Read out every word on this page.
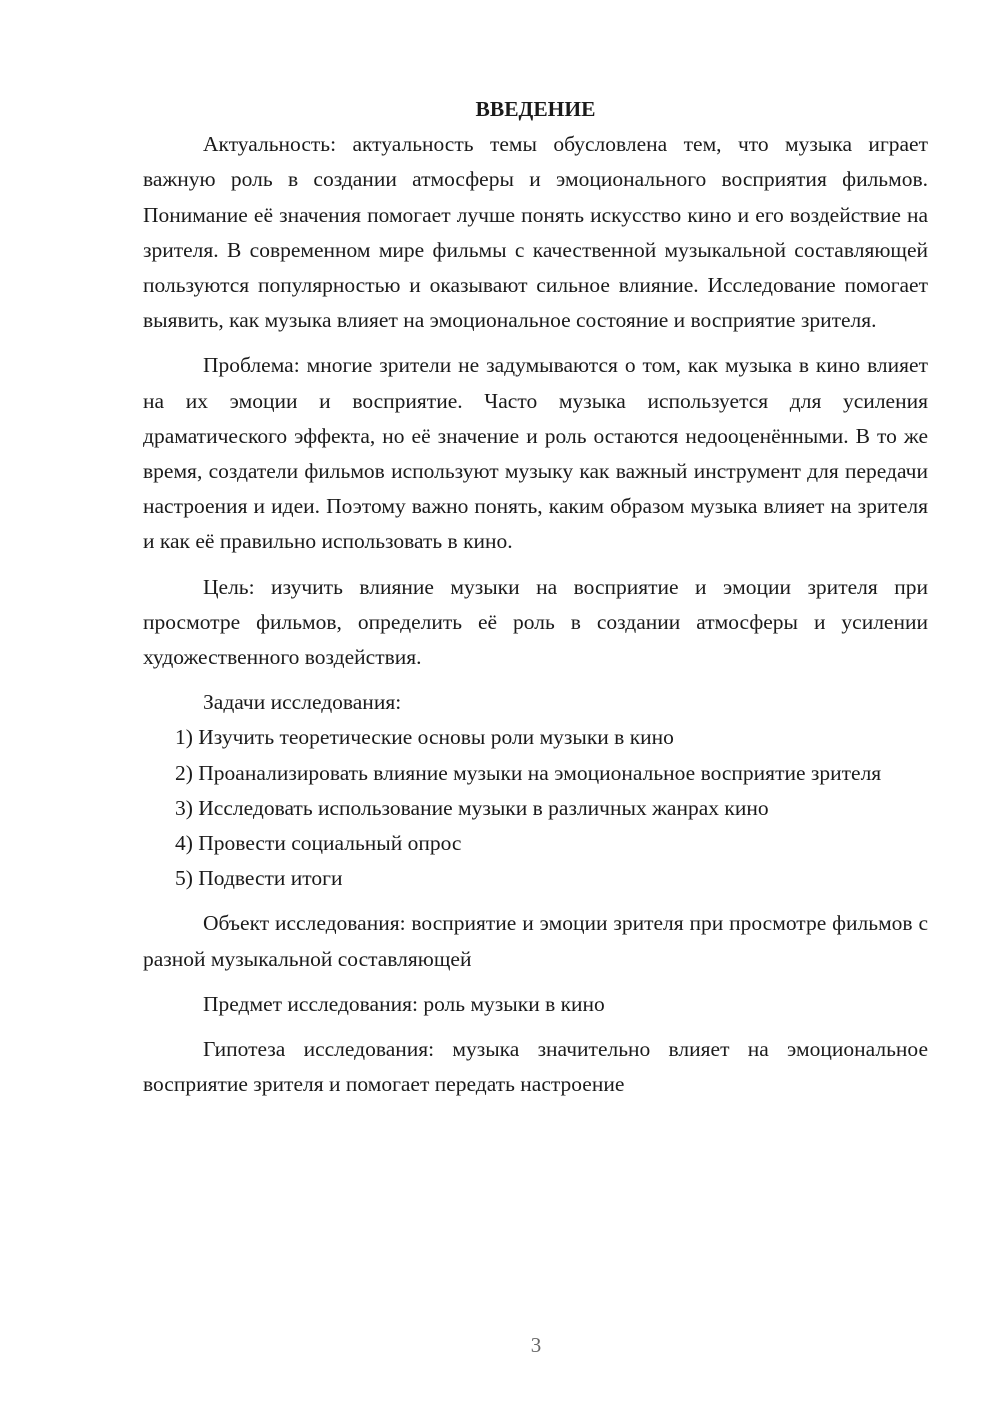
ВВЕДЕНИЕ

Актуальность: актуальность темы обусловлена тем, что музыка играет важную роль в создании атмосферы и эмоционального восприятия фильмов. Понимание её значения помогает лучше понять искусство кино и его воздействие на зрителя. В современном мире фильмы с качественной музыкальной составляющей пользуются популярностью и оказывают сильное влияние. Исследование помогает выявить, как музыка влияет на эмоциональное состояние и восприятие зрителя.

Проблема: многие зрители не задумываются о том, как музыка в кино влияет на их эмоции и восприятие. Часто музыка используется для усиления драматического эффекта, но её значение и роль остаются недооценёнными. В то же время, создатели фильмов используют музыку как важный инструмент для передачи настроения и идеи. Поэтому важно понять, каким образом музыка влияет на зрителя и как её правильно использовать в кино.

Цель: изучить влияние музыки на восприятие и эмоции зрителя при просмотре фильмов, определить её роль в создании атмосферы и усилении художественного воздействия.

Задачи исследования:

1) Изучить теоретические основы роли музыки в кино

2) Проанализировать влияние музыки на эмоциональное восприятие зрителя

3) Исследовать использование музыки в различных жанрах кино

4) Провести социальный опрос

5) Подвести итоги

Объект исследования: восприятие и эмоции зрителя при просмотре фильмов с разной музыкальной составляющей

Предмет исследования: роль музыки в кино

Гипотеза исследования: музыка значительно влияет на эмоциональное восприятие зрителя и помогает передать настроение

3
